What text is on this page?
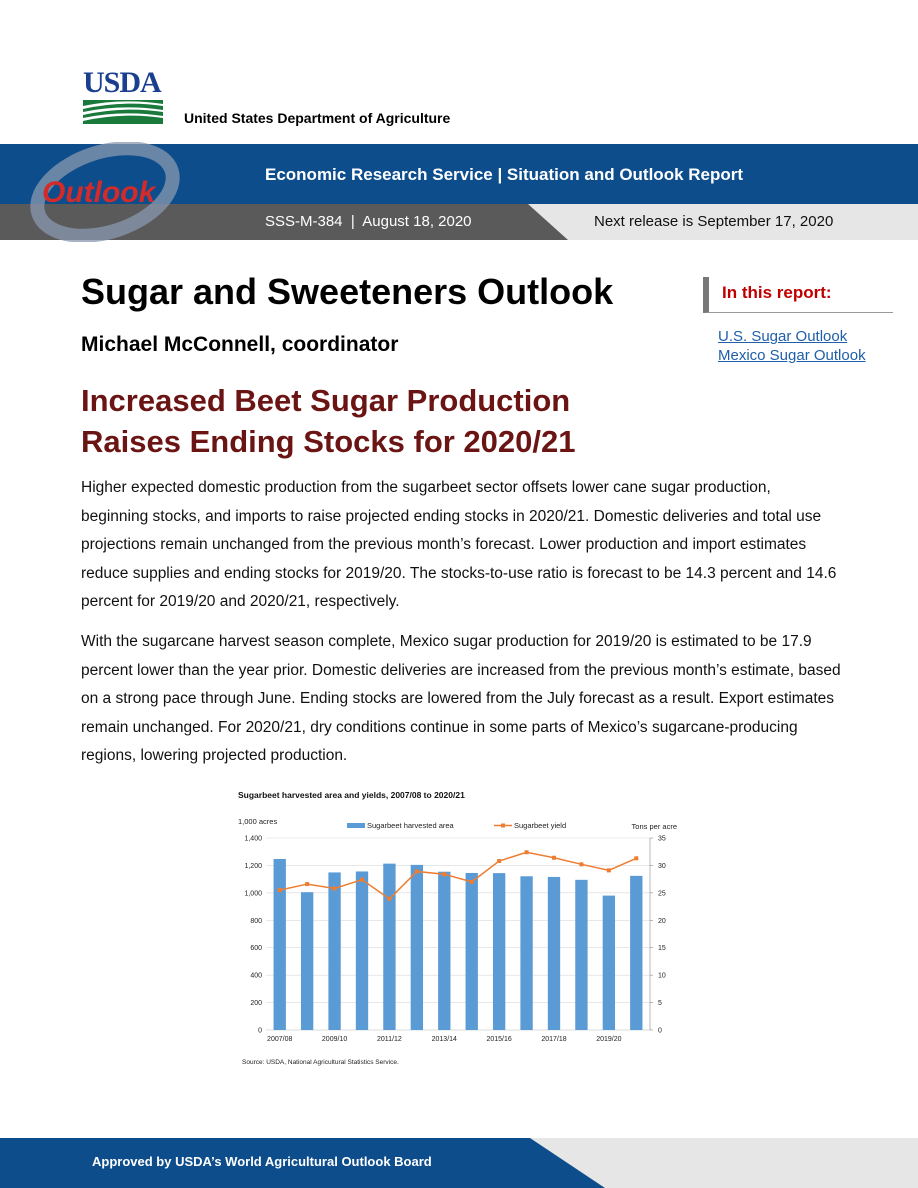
USDA
United States Department of Agriculture
Outlook
Economic Research Service | Situation and Outlook Report
SSS-M-384  |  August 18, 2020	Next release is September 17, 2020
Sugar and Sweeteners Outlook
Michael McConnell, coordinator
Increased Beet Sugar Production
Raises Ending Stocks for 2020/21
In this report:
U.S. Sugar Outlook
Mexico Sugar Outlook

Higher expected domestic production from the sugarbeet sector offsets lower cane sugar production, beginning stocks, and imports to raise projected ending stocks in 2020/21. Domestic deliveries and total use projections remain unchanged from the previous month’s forecast. Lower production and import estimates reduce supplies and ending stocks for 2019/20. The stocks-to-use ratio is forecast to be 14.3 percent and 14.6 percent for 2019/20 and 2020/21, respectively.

With the sugarcane harvest season complete, Mexico sugar production for 2019/20 is estimated to be 17.9 percent lower than the year prior. Domestic deliveries are increased from the previous month’s estimate, based on a strong pace through June. Ending stocks are lowered from the July forecast as a result. Export estimates remain unchanged. For 2020/21, dry conditions continue in some parts of Mexico’s sugarcane-producing regions, lowering projected production.

Sugarbeet harvested area and yields, 2007/08 to 2020/21
1,000 acres
Tons per acre
Sugarbeet harvested area	Sugarbeet yield
0
200
400
600
800
1,000
1,200
1,400
0
5
10
15
20
25
30
35
2007/08	2009/10	2011/12	2013/14	2015/16	2017/18	2019/20
Source: USDA, National Agricultural Statistics Service.
Approved by USDA’s World Agricultural Outlook Board
